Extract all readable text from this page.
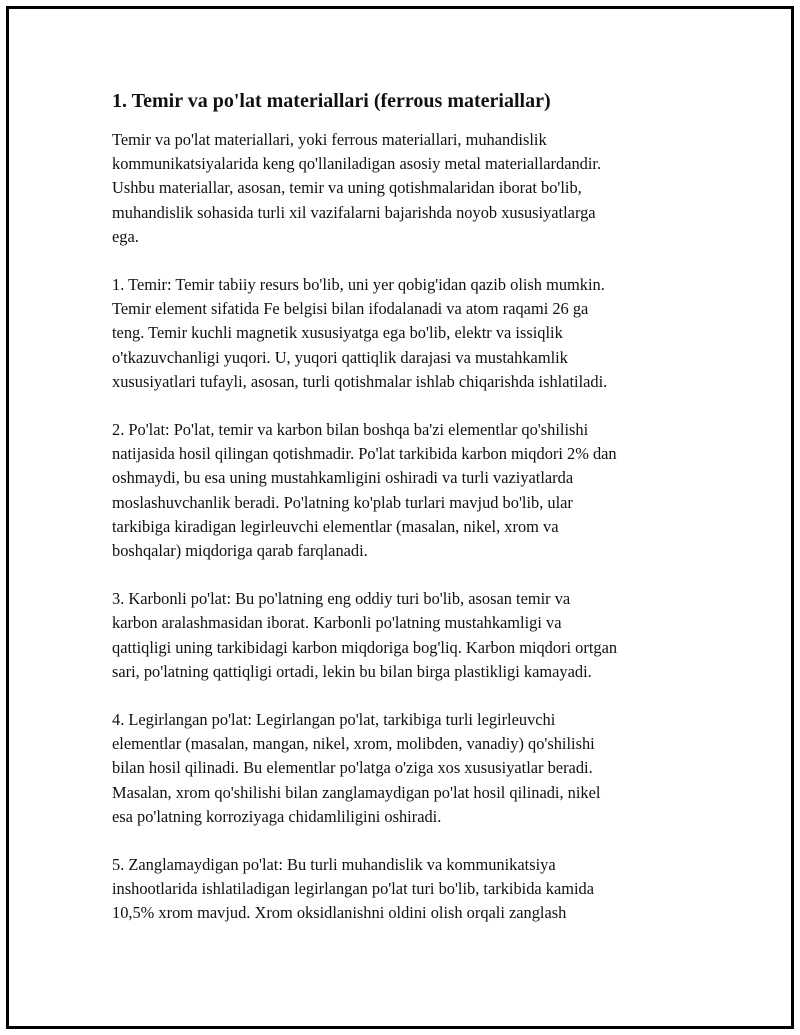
1. Temir va po'lat materiallari (ferrous materiallar)

Temir va po'lat materiallari, yoki ferrous materiallari, muhandislik
kommunikatsiyalarida keng qo'llaniladigan asosiy metal materiallardandir.
Ushbu materiallar, asosan, temir va uning qotishmalaridan iborat bo'lib,
muhandislik sohasida turli xil vazifalarni bajarishda noyob xususiyatlarga
ega.

1. Temir: Temir tabiiy resurs bo'lib, uni yer qobig'idan qazib olish mumkin.
Temir element sifatida Fe belgisi bilan ifodalanadi va atom raqami 26 ga
teng. Temir kuchli magnetik xususiyatga ega bo'lib, elektr va issiqlik
o'tkazuvchanligi yuqori. U, yuqori qattiqlik darajasi va mustahkamlik
xususiyatlari tufayli, asosan, turli qotishmalar ishlab chiqarishda ishlatiladi.

2. Po'lat: Po'lat, temir va karbon bilan boshqa ba'zi elementlar qo'shilishi
natijasida hosil qilingan qotishmadir. Po'lat tarkibida karbon miqdori 2% dan
oshmaydi, bu esa uning mustahkamligini oshiradi va turli vaziyatlarda
moslashuvchanlik beradi. Po'latning ko'plab turlari mavjud bo'lib, ular
tarkibiga kiradigan legirleuvchi elementlar (masalan, nikel, xrom va
boshqalar) miqdoriga qarab farqlanadi.

3. Karbonli po'lat: Bu po'latning eng oddiy turi bo'lib, asosan temir va
karbon aralashmasidan iborat. Karbonli po'latning mustahkamligi va
qattiqligi uning tarkibidagi karbon miqdoriga bog'liq. Karbon miqdori ortgan
sari, po'latning qattiqligi ortadi, lekin bu bilan birga plastikligi kamayadi.

4. Legirlangan po'lat: Legirlangan po'lat, tarkibiga turli legirleuvchi
elementlar (masalan, mangan, nikel, xrom, molibden, vanadiy) qo'shilishi
bilan hosil qilinadi. Bu elementlar po'latga o'ziga xos xususiyatlar beradi.
Masalan, xrom qo'shilishi bilan zanglamaydigan po'lat hosil qilinadi, nikel
esa po'latning korroziyaga chidamliligini oshiradi.

5. Zanglamaydigan po'lat: Bu turli muhandislik va kommunikatsiya
inshootlarida ishlatiladigan legirlangan po'lat turi bo'lib, tarkibida kamida
10,5% xrom mavjud. Xrom oksidlanishni oldini olish orqali zanglash
